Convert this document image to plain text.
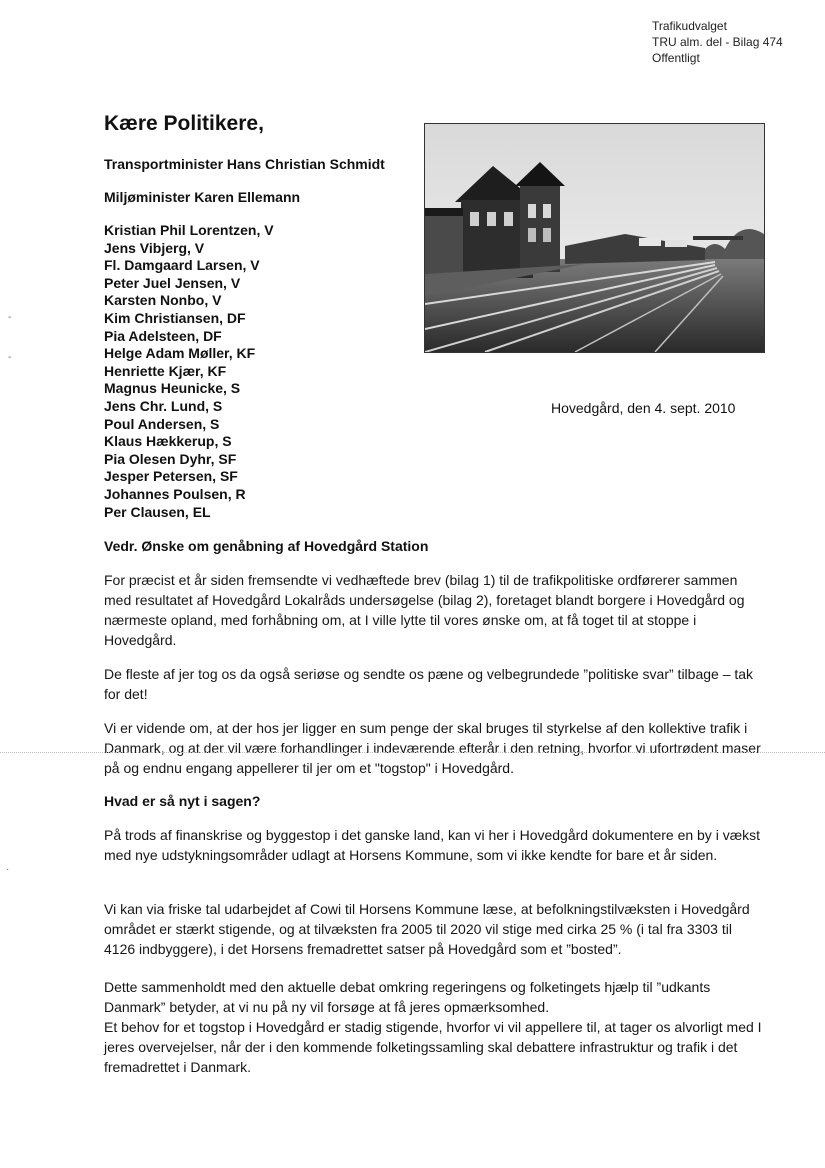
Trafikudvalget
TRU alm. del - Bilag 474
Offentligt
Kære Politikere,

Transportminister Hans Christian Schmidt

Miljøminister Karen Ellemann

Kristian Phil Lorentzen, V
Jens Vibjerg, V
Fl. Damgaard Larsen, V
Peter Juel Jensen, V
Karsten Nonbo, V
Kim Christiansen, DF
Pia Adelsteen, DF
Helge Adam Møller, KF
Henriette Kjær, KF
Magnus Heunicke, S
Jens Chr. Lund, S
Poul Andersen, S
Klaus Hækkerup, S
Pia Olesen Dyhr, SF
Jesper Petersen, SF
Johannes Poulsen, R
Per Clausen, EL
Hovedgård, den 4. sept. 2010
Vedr. Ønske om genåbning af Hovedgård Station

For præcist et år siden fremsendte vi vedhæftede brev (bilag 1) til de trafikpolitiske ordførerer sammen med resultatet af Hovedgård Lokalråds undersøgelse (bilag 2), foretaget blandt borgere i Hovedgård og nærmeste opland, med forhåbning om, at I ville lytte til vores ønske om, at få toget til at stoppe i Hovedgård.

De fleste af jer tog os da også seriøse og sendte os pæne og velbegrundede ”politiske svar” tilbage – tak for det!

Vi er vidende om, at der hos jer ligger en sum penge der skal bruges til styrkelse af den kollektive trafik i Danmark, og at der vil være forhandlinger i indeværende efterår i den retning, hvorfor vi ufortrødent maser på og endnu engang appellerer til jer om et "togstop" i Hovedgård.

Hvad er så nyt i sagen?

På trods af finanskrise og byggestop i det ganske land, kan vi her i Hovedgård dokumentere en by i vækst med nye udstykningsområder udlagt at Horsens Kommune, som vi ikke kendte for bare et år siden.

Vi kan via friske tal udarbejdet af Cowi til Horsens Kommune læse, at befolkningstilvæksten i Hovedgård området er stærkt stigende, og at tilvæksten fra 2005 til 2020 vil stige med cirka 25 % (i tal fra 3303 til 4126 indbyggere), i det Horsens fremadrettet satser på Hovedgård som et ”bosted”.

Dette sammenholdt med den aktuelle debat omkring regeringens og folketingets hjælp til ”udkants Danmark” betyder, at vi nu på ny vil forsøge at få jeres opmærksomhed.

Et behov for et togstop i Hovedgård er stadig stigende, hvorfor vi vil appellere til, at tager os alvorligt med I jeres overvejelser, når der i den kommende folketingssamling skal debattere infrastruktur og trafik i det fremadrettet i Danmark.

-
-
·
